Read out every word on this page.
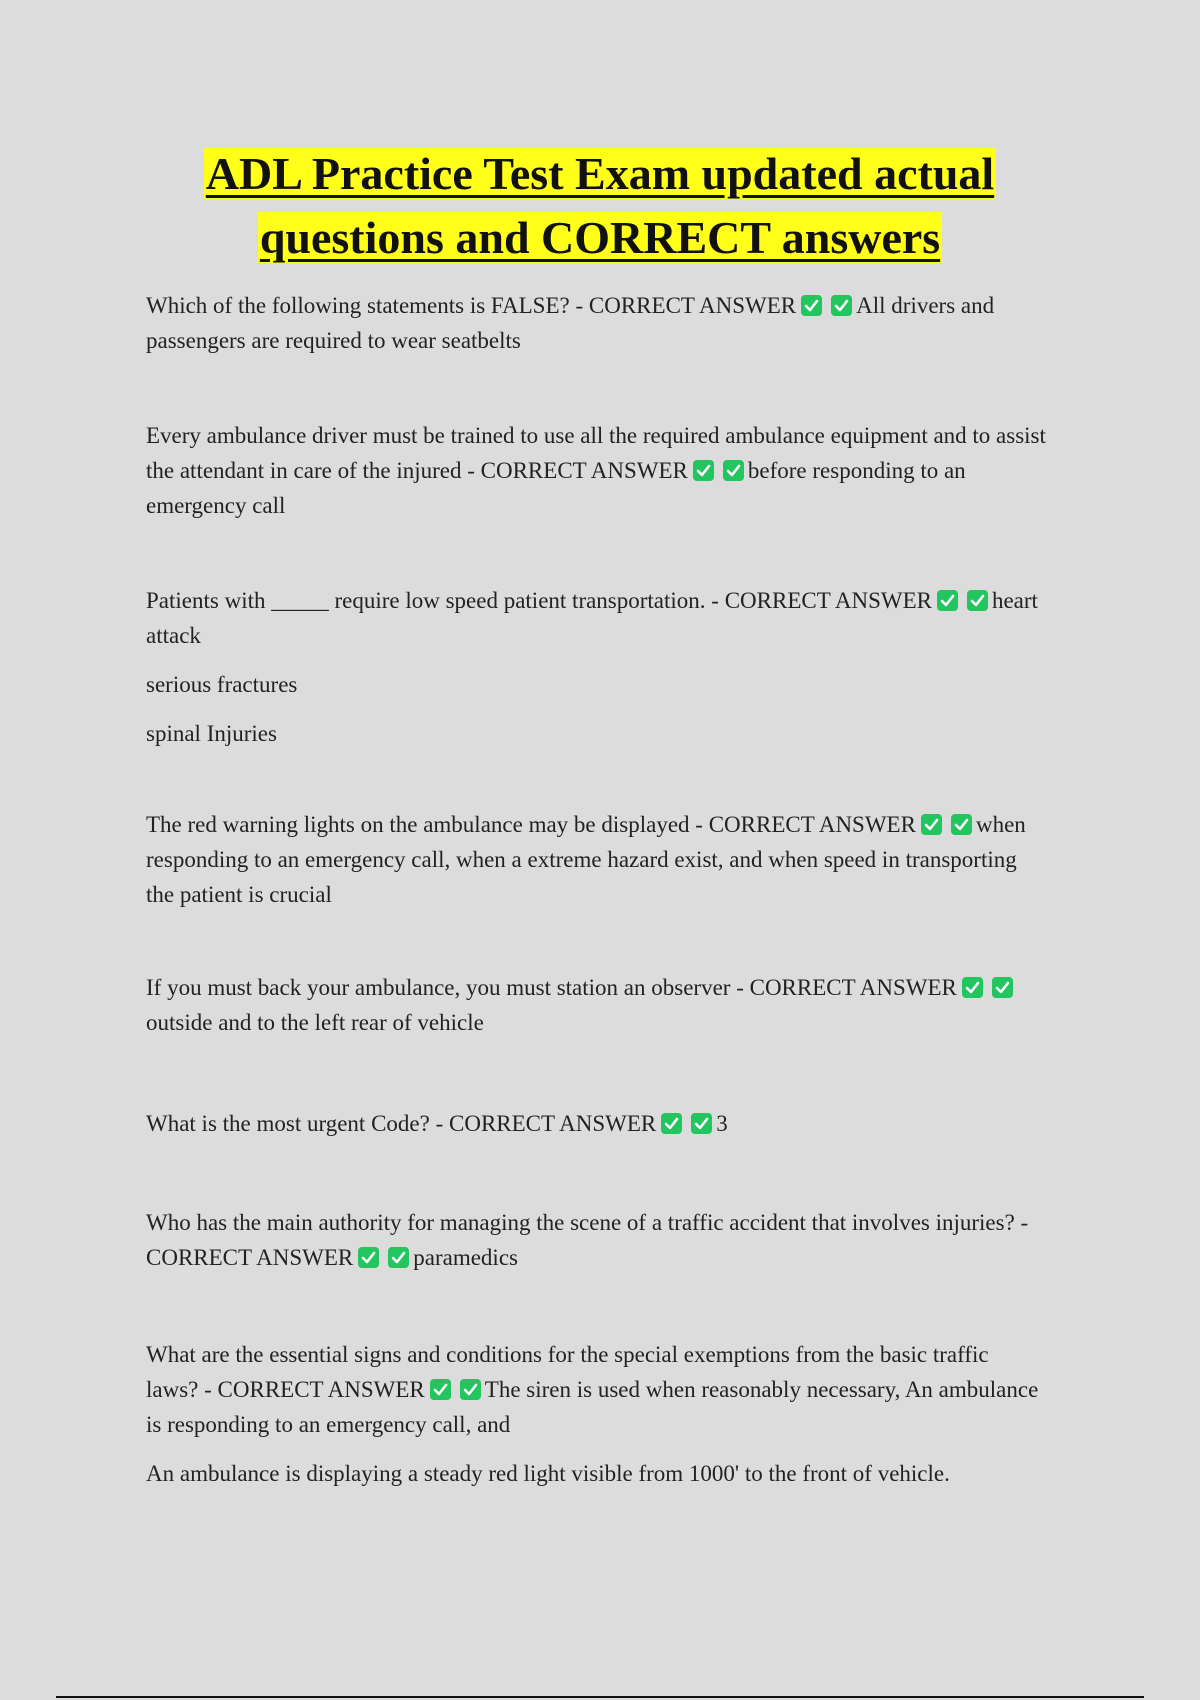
ADL Practice Test Exam updated actual
questions and CORRECT answers

Which of the following statements is FALSE? - CORRECT ANSWER	All drivers and passengers are required to wear seatbelts

Every ambulance driver must be trained to use all the required ambulance equipment and to assist the attendant in care of the injured - CORRECT ANSWER	before responding to an emergency call

Patients with _____ require low speed patient transportation. - CORRECT ANSWER	heart attack

serious fractures

spinal Injuries

The red warning lights on the ambulance may be displayed - CORRECT ANSWER	when responding to an emergency call, when a extreme hazard exist, and when speed in transporting the patient is crucial

If you must back your ambulance, you must station an observer - CORRECT ANSWER
outside and to the left rear of vehicle

What is the most urgent Code? - CORRECT ANSWER	3

Who has the main authority for managing the scene of a traffic accident that involves injuries? - CORRECT ANSWER	paramedics

What are the essential signs and conditions for the special exemptions from the basic traffic laws? - CORRECT ANSWER	The siren is used when reasonably necessary, An ambulance is responding to an emergency call, and

An ambulance is displaying a steady red light visible from 1000' to the front of vehicle.
